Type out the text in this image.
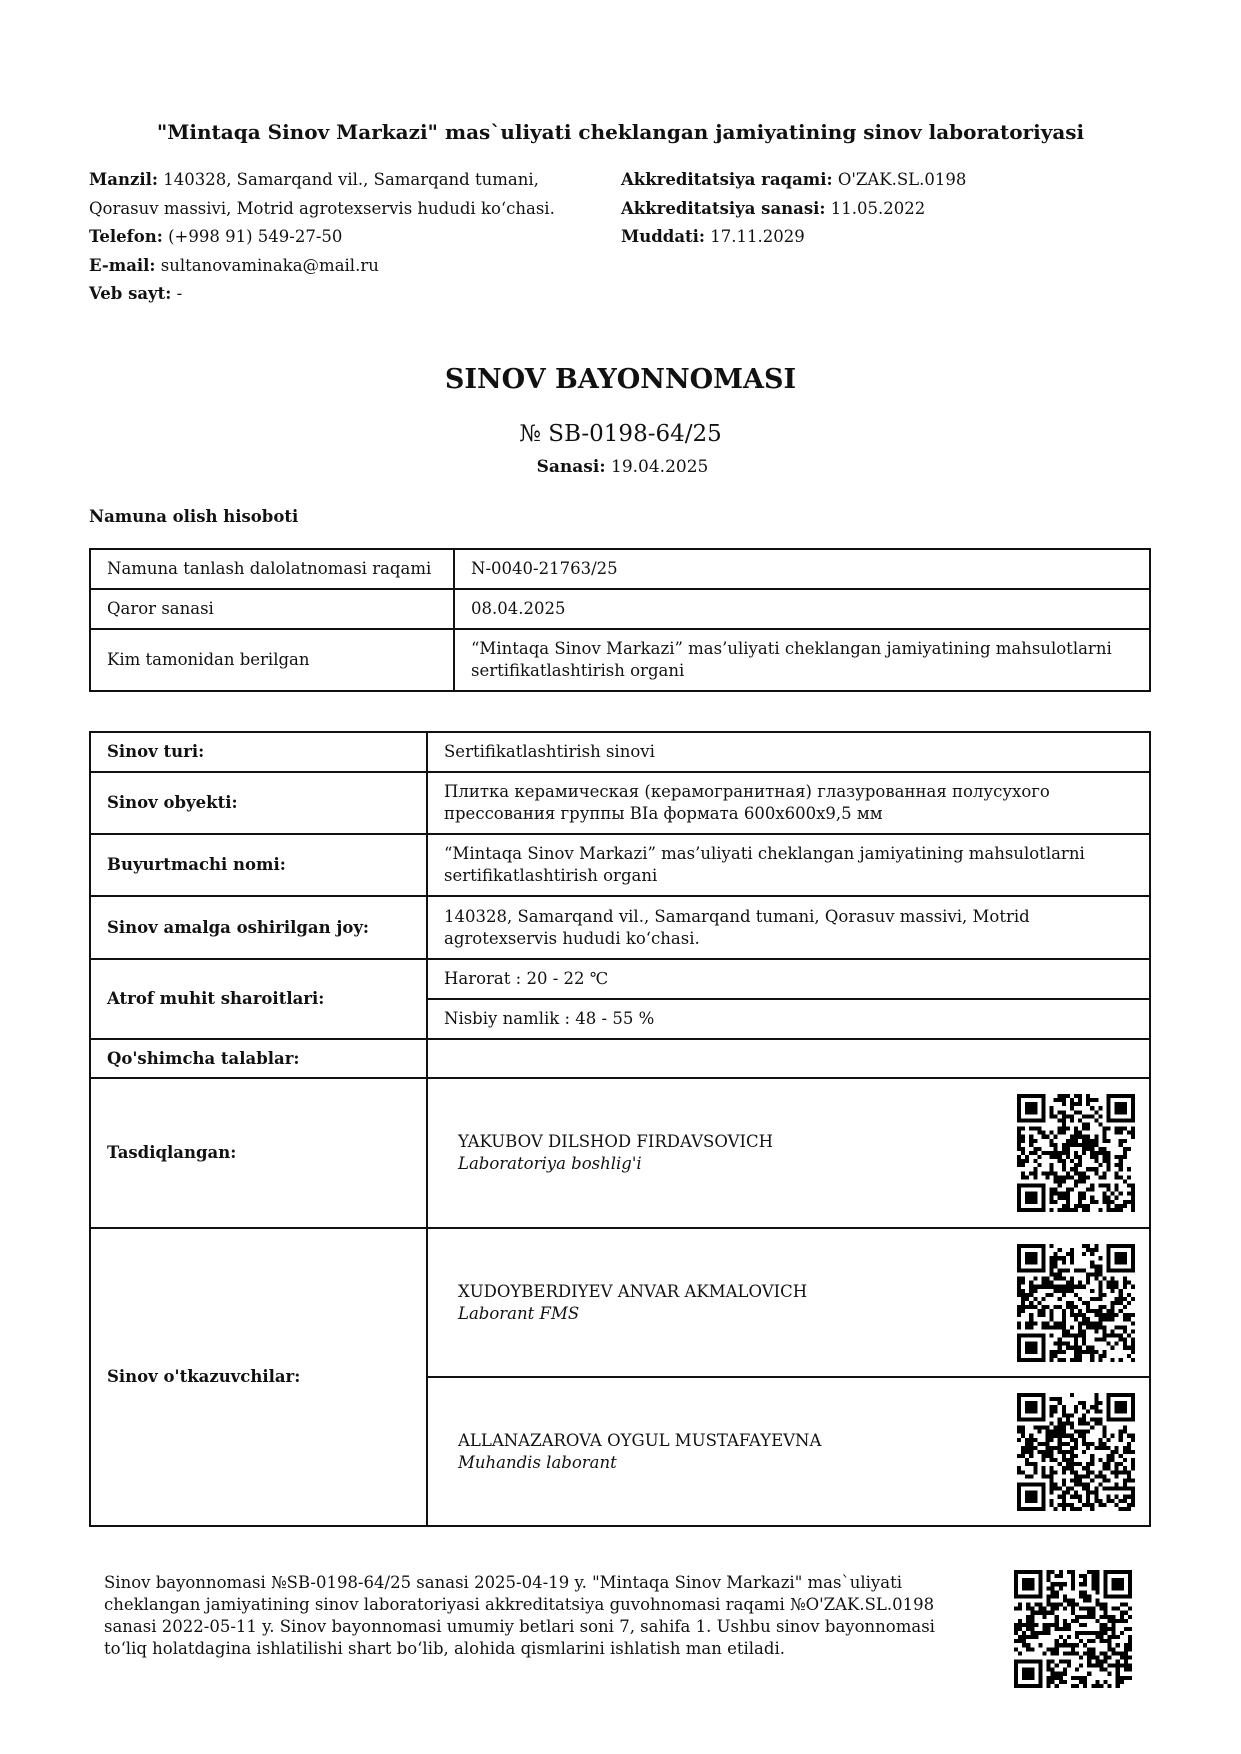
"Mintaqa Sinov Markazi" mas`uliyati cheklangan jamiyatining sinov laboratoriyasi
Manzil: 140328, Samarqand vil., Samarqand tumani,
Qorasuv massivi, Motrid agrotexservis hududi ko‘chasi.
Telefon: (+998 91) 549-27-50
E-mail: sultanovaminaka@mail.ru
Veb sayt: -
Akkreditatsiya raqami: O'ZAK.SL.0198
Akkreditatsiya sanasi: 11.05.2022
Muddati: 17.11.2029
SINOV BAYONNOMASI
№ SB-0198-64/25
Sanasi: 19.04.2025
Namuna olish hisoboti
Namuna tanlash dalolatnomasi raqami	N-0040-21763/25
Qaror sanasi	08.04.2025
Kim tamonidan berilgan	“Mintaqa Sinov Markazi” mas’uliyati cheklangan jamiyatining mahsulotlarni
sertifikatlashtirish organi
Sinov turi:	Sertifikatlashtirish sinovi
Sinov obyekti:	Плитка керамическая (керамогранитная) глазурованная полусухого
прессования группы BIa формата 600x600x9,5 мм

Buyurtmachi nomi:	“Mintaqa Sinov Markazi” mas’uliyati cheklangan jamiyatining mahsulotlarni
sertifikatlashtirish organi

Sinov amalga oshirilgan joy:	140328, Samarqand vil., Samarqand tumani, Qorasuv massivi, Motrid
agrotexservis hududi ko‘chasi.

Atrof muhit sharoitlari:	Harorat : 20 - 22 ℃
	Nisbiy namlik : 48 - 55 %
Qo'shimcha talablar:	
Tasdiqlangan:	YAKUBOV DILSHOD FIRDAVSOVICH
Laboratoriya boshlig'i

Sinov o'tkazuvchilar:	XUDOYBERDIYEV ANVAR AKMALOVICH
Laborant FMS

	ALLANAZAROVA OYGUL MUSTAFAYEVNA
Muhandis laborant
Sinov bayonnomasi №SB-0198-64/25 sanasi 2025-04-19 y. "Mintaqa Sinov Markazi" mas`uliyati
cheklangan jamiyatining sinov laboratoriyasi akkreditatsiya guvohnomasi raqami №O'ZAK.SL.0198
sanasi 2022-05-11 y. Sinov bayonnomasi umumiy betlari soni 7, sahifa 1. Ushbu sinov bayonnomasi
to‘liq holatdagina ishlatilishi shart bo‘lib, alohida qismlarini ishlatish man etiladi.
